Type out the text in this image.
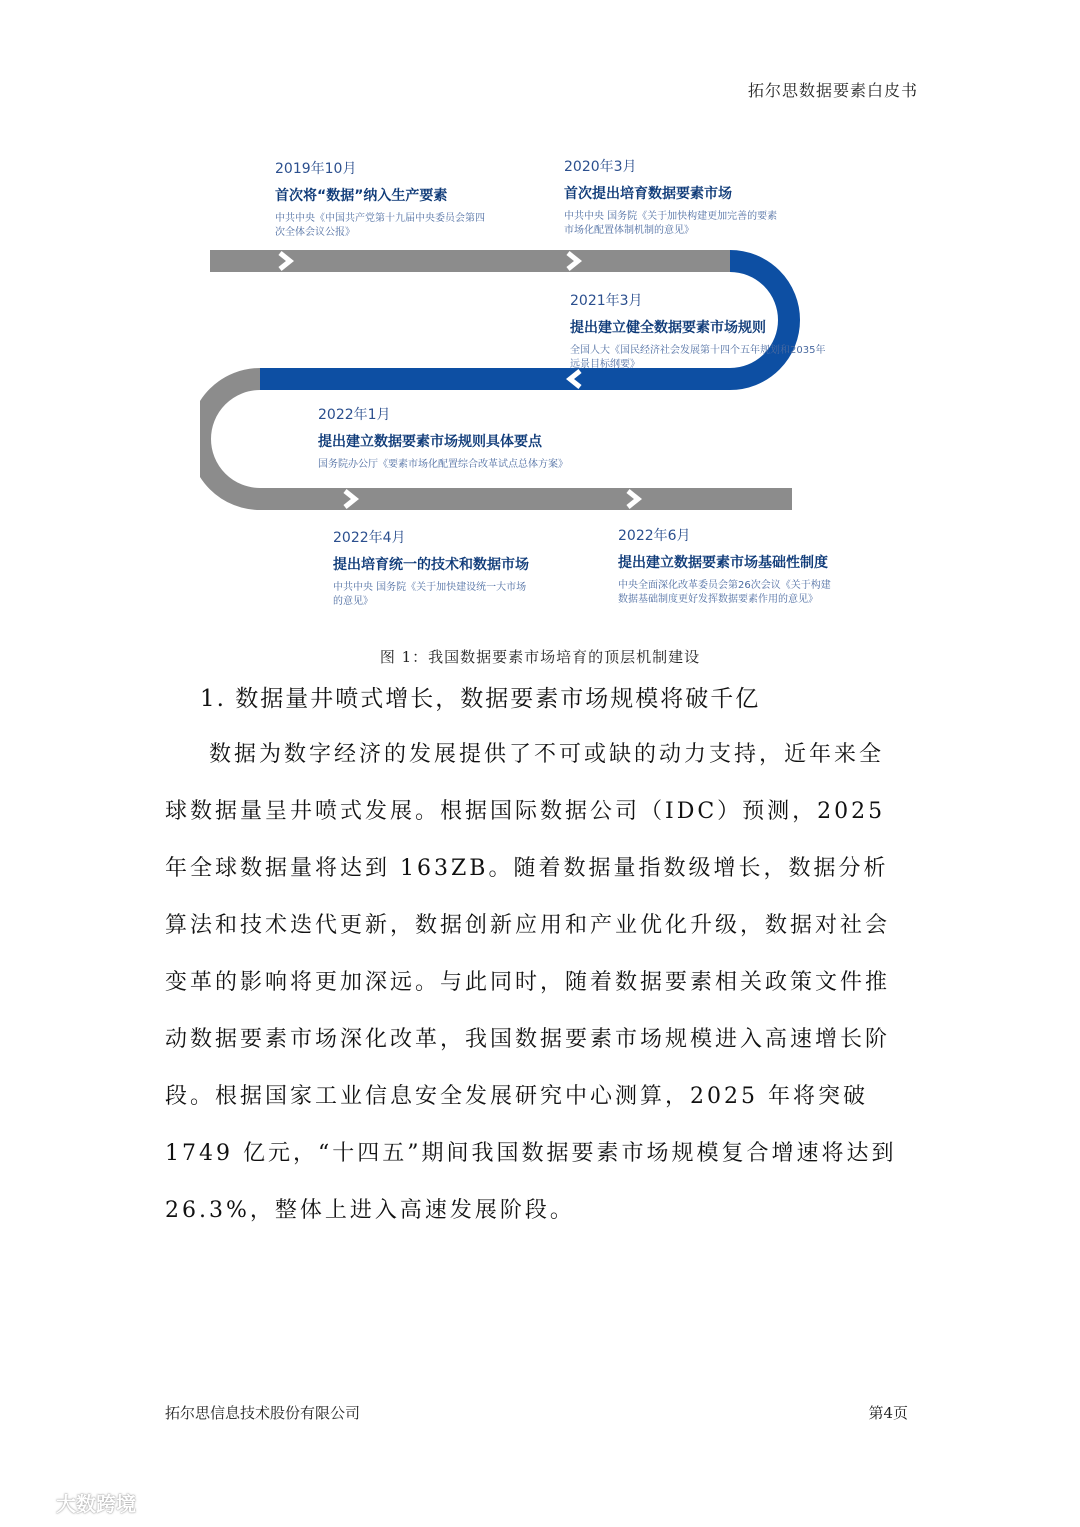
拓尔思数据要素白皮书
2019年10月
首次将“数据”纳入生产要素
中共中央《中国共产党第十九届中央委员会第四
次全体会议公报》
2020年3月
首次提出培育数据要素市场
中共中央 国务院《关于加快构建更加完善的要素
市场化配置体制机制的意见》
2021年3月
提出建立健全数据要素市场规则
全国人大《国民经济社会发展第十四个五年规划和2035年
远景目标纲要》
2022年1月
提出建立数据要素市场规则具体要点
国务院办公厅《要素市场化配置综合改革试点总体方案》
2022年4月
提出培育统一的技术和数据市场
中共中央 国务院《关于加快建设统一大市场
的意见》
2022年6月
提出建立数据要素市场基础性制度
中央全面深化改革委员会第26次会议《关于构建
数据基础制度更好发挥数据要素作用的意见》
图 1：我国数据要素市场培育的顶层机制建设
1. 数据量井喷式增长，数据要素市场规模将破千亿

数据为数字经济的发展提供了不可或缺的动力支持，近年来全球数据量呈井喷式发展。根据国际数据公司（IDC）预测，2025 年全球数据量将达到 163ZB。随着数据量指数级增长，数据分析算法和技术迭代更新，数据创新应用和产业优化升级，数据对社会变革的影响将更加深远。与此同时，随着数据要素相关政策文件推动数据要素市场深化改革，我国数据要素市场规模进入高速增长阶段。根据国家工业信息安全发展研究中心测算，2025 年将突破 1749 亿元，“十四五”期间我国数据要素市场规模复合增速将达到 26.3%，整体上进入高速发展阶段。

拓尔思信息技术股份有限公司	第4页
大数跨境
